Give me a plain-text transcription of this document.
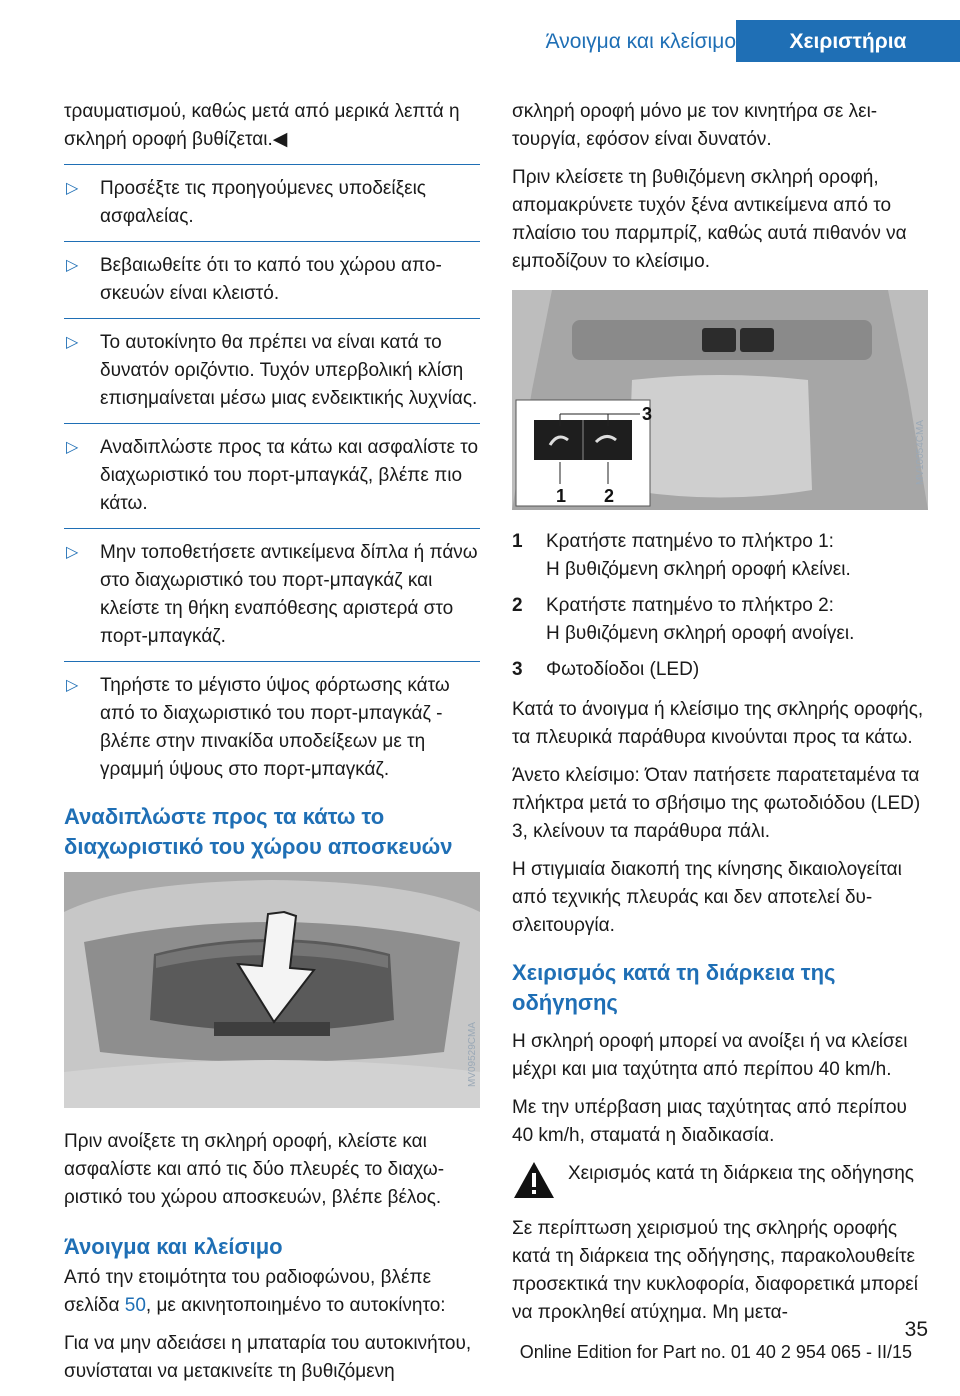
Άνοιγμα και κλείσιμο	Χειριστήρια

τραυματισμού, καθώς μετά από μερικά λεπτά η σκληρή οροφή βυθίζεται.◀

▷ Προσέξτε τις προηγούμενες υποδείξεις ασφαλείας.
▷ Βεβαιωθείτε ότι το καπό του χώρου αποσκευών είναι κλειστό.
▷ Το αυτοκίνητο θα πρέπει να είναι κατά το δυνατόν οριζόντιο. Τυχόν υπερβολική κλίση επισημαίνεται μέσω μιας ενδεικτικής λυχνίας.
▷ Αναδιπλώστε προς τα κάτω και ασφαλίστε το διαχωριστικό του πορτ-μπαγκάζ, βλέπε πιο κάτω.
▷ Μην τοποθετήσετε αντικείμενα δίπλα ή πάνω στο διαχωριστικό του πορτ-μπαγκάζ και κλείστε τη θήκη εναπόθεσης αριστερά στο πορτ-μπαγκάζ.
▷ Τηρήστε το μέγιστο ύψος φόρτωσης κάτω από το διαχωριστικό του πορτ-μπαγκάζ - βλέπε στην πινακίδα υποδείξεων με τη γραμμή ύψους στο πορτ-μπαγκάζ.
Αναδιπλώστε προς τα κάτω το διαχωριστικό του χώρου αποσκευών
MV09529CMA

Πριν ανοίξετε τη σκληρή οροφή, κλείστε και ασφαλίστε και από τις δύο πλευρές το διαχωριστικό του χώρου αποσκευών, βλέπε βέλος.

Άνοιγμα και κλείσιμο

Από την ετοιμότητα του ραδιοφώνου, βλέπε σελίδα 50, με ακινητοποιημένο το αυτοκίνητο:

Για να μην αδειάσει η μπαταρία του αυτοκινήτου, συνίσταται να μετακινείτε τη βυθιζόμενη

σκληρή οροφή μόνο με τον κινητήρα σε λειτουργία, εφόσον είναι δυνατόν.

Πριν κλείσετε τη βυθιζόμενη σκληρή οροφή, απομακρύνετε τυχόν ξένα αντικείμενα από το πλαίσιο του παρμπρίζ, καθώς αυτά πιθανόν να εμποδίζουν το κλείσιμο.

3
1 2
MV10054CMA
1	Κρατήστε πατημένο το πλήκτρο 1:
Η βυθιζόμενη σκληρή οροφή κλείνει.
2	Κρατήστε πατημένο το πλήκτρο 2:
Η βυθιζόμενη σκληρή οροφή ανοίγει.
3	Φωτοδίοδοι (LED)

Κατά το άνοιγμα ή κλείσιμο της σκληρής οροφής, τα πλευρικά παράθυρα κινούνται προς τα κάτω.

Άνετο κλείσιμο: Όταν πατήσετε παρατεταμένα τα πλήκτρα μετά το σβήσιμο της φωτοδιόδου (LED) 3, κλείνουν τα παράθυρα πάλι.

Η στιγμιαία διακοπή της κίνησης δικαιολογείται από τεχνικής πλευράς και δεν αποτελεί δυσλειτουργία.

Χειρισμός κατά τη διάρκεια της οδήγησης

Η σκληρή οροφή μπορεί να ανοίξει ή να κλείσει μέχρι και μια ταχύτητα από περίπου 40 km/h.

Με την υπέρβαση μιας ταχύτητας από περίπου 40 km/h, σταματά η διαδικασία.

Χειρισμός κατά τη διάρκεια της οδήγησης

Σε περίπτωση χειρισμού της σκληρής οροφής κατά τη διάρκεια της οδήγησης, παρακολουθείτε προσεκτικά την κυκλοφορία, διαφορετικά μπορεί να προκληθεί ατύχημα. Μη μετα-

35
Online Edition for Part no. 01 40 2 954 065 - II/15
